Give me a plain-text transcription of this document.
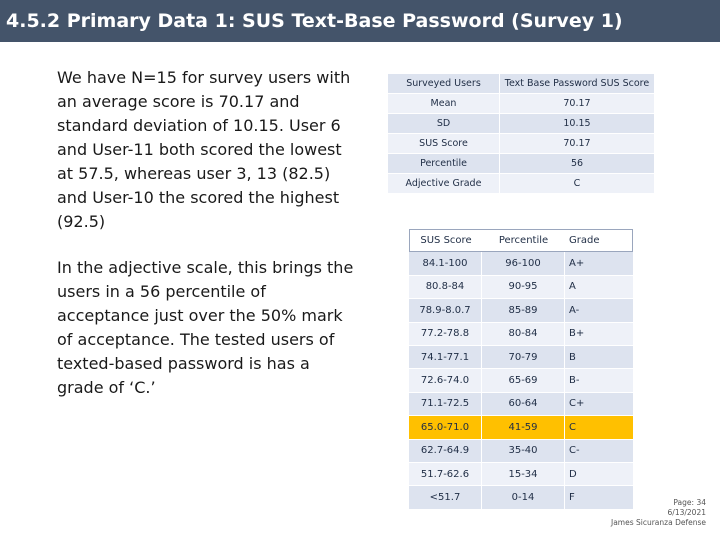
4.5.2 Primary Data 1: SUS Text-Base Password (Survey 1)
We have N=15 for survey users with an average score is 70.17 and standard deviation of 10.15. User 6 and User-11 both scored the lowest at 57.5, whereas user 3, 13 (82.5) and User-10 the scored the highest (92.5)
In the adjective scale, this brings the users in a 56 percentile of acceptance just over the 50% mark of acceptance. The tested users of texted-based password is has a grade of ‘C.’
Surveyed Users	Text Base Password SUS Score
Mean	70.17
SD	10.15
SUS Score	70.17
Percentile	56
Adjective Grade	C
SUS Score	Percentile	Grade
84.1-100	96-100	A+
80.8-84	90-95	A
78.9-8.0.7	85-89	A-
77.2-78.8	80-84	B+
74.1-77.1	70-79	B
72.6-74.0	65-69	B-
71.1-72.5	60-64	C+
65.0-71.0	41-59	C
62.7-64.9	35-40	C-
51.7-62.6	15-34	D
<51.7	0-14	F	Page: 34
6/13/2021
James Sicuranza Defense
